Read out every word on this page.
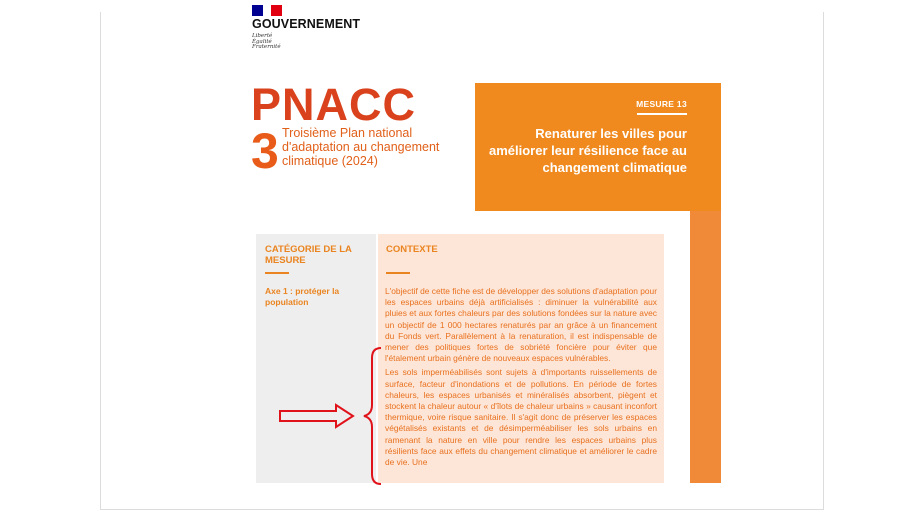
GOUVERNEMENT
Liberté
Égalité
Fraternité
PNACC
3 Troisième Plan national d'adaptation au changement climatique (2024)
MESURE 13
Renaturer les villes pour améliorer leur résilience face au changement climatique
CATÉGORIE DE LA MESURE
Axe 1 : protéger la population
CONTEXTE

L'objectif de cette fiche est de développer des solutions d'adaptation pour les espaces urbains déjà artificialisés : diminuer la vulnérabilité aux pluies et aux fortes chaleurs par des solutions fondées sur la nature avec un objectif de 1 000 hectares renaturés par an grâce à un financement du Fonds vert. Parallèlement à la renaturation, il est indispensable de mener des politiques fortes de sobriété foncière pour éviter que l'étalement urbain génère de nouveaux espaces vulnérables.

Les sols imperméabilisés sont sujets à d'importants ruissellements de surface, facteur d'inondations et de pollutions. En période de fortes chaleurs, les espaces urbanisés et minéralisés absorbent, piègent et stockent la chaleur autour « d'îlots de chaleur urbains » causant inconfort thermique, voire risque sanitaire. Il s'agit donc de préserver les espaces végétalisés existants et de désimperméabiliser les sols urbains en ramenant la nature en ville pour rendre les espaces urbains plus résilients face aux effets du changement climatique et améliorer le cadre de vie. Une
